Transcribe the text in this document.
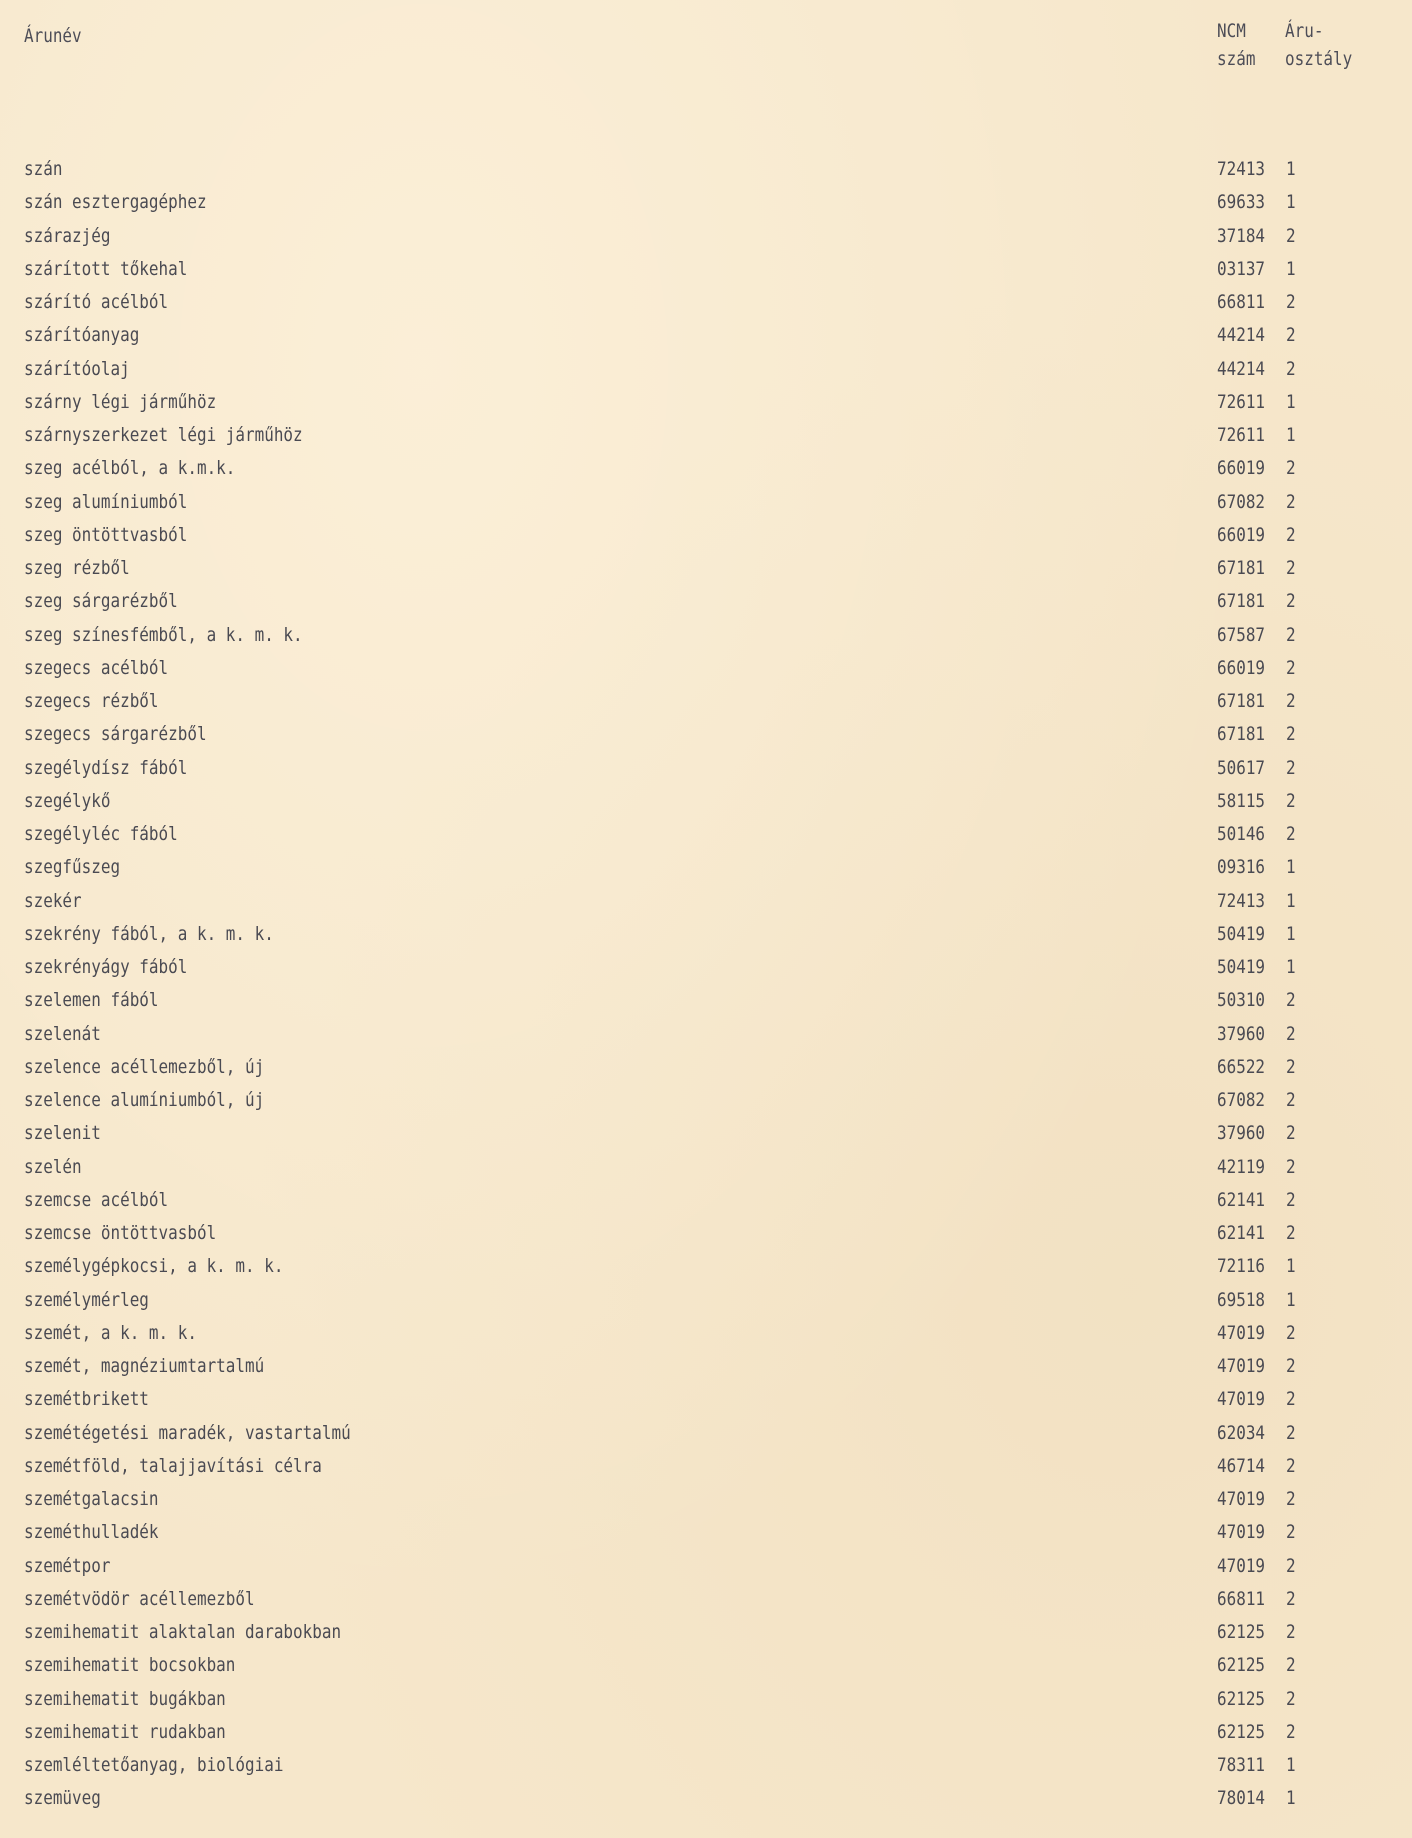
Árunév	NCM
szám
Áru-
osztály
szán	72413 1
szán esztergagéphez	69633 1
szárazjég	37184 2
szárított tőkehal	03137 1
szárító acélból	66811 2
szárítóanyag	44214 2
szárítóolaj	44214 2
szárny légi járműhöz	72611 1
szárnyszerkezet légi járműhöz	72611 1
szeg acélból, a k.m.k.	66019 2
szeg alumíniumból	67082 2
szeg öntöttvasból	66019 2
szeg rézből	67181 2
szeg sárgarézből	67181 2
szeg színesfémből, a k. m. k.	67587 2
szegecs acélból	66019 2
szegecs rézből	67181 2
szegecs sárgarézből	67181 2
szegélydísz fából	50617 2
szegélykő	58115 2
szegélyléc fából	50146 2
szegfűszeg	09316 1
szekér	72413 1
szekrény fából, a k. m. k.	50419 1
szekrényágy fából	50419 1
szelemen fából	50310 2
szelenát	37960 2
szelence acéllemezből, új	66522 2
szelence alumíniumból, új	67082 2
szelenit	37960 2
szelén	42119 2
szemcse acélból	62141 2
szemcse öntöttvasból	62141 2
személygépkocsi, a k. m. k.	72116 1
személymérleg	69518 1
szemét, a k. m. k.	47019 2
szemét, magnéziumtartalmú	47019 2
szemétbrikett	47019 2
szemétégetési maradék, vastartalmú	62034 2
szemétföld, talajjavítási célra	46714 2
szemétgalacsin	47019 2
szeméthulladék	47019 2
szemétpor	47019 2
szemétvödör acéllemezből	66811 2
szemihematit alaktalan darabokban	62125 2
szemihematit bocsokban	62125 2
szemihematit bugákban	62125 2
szemihematit rudakban	62125 2
szemléltetőanyag, biológiai	78311 1
szemüveg	78014 1
